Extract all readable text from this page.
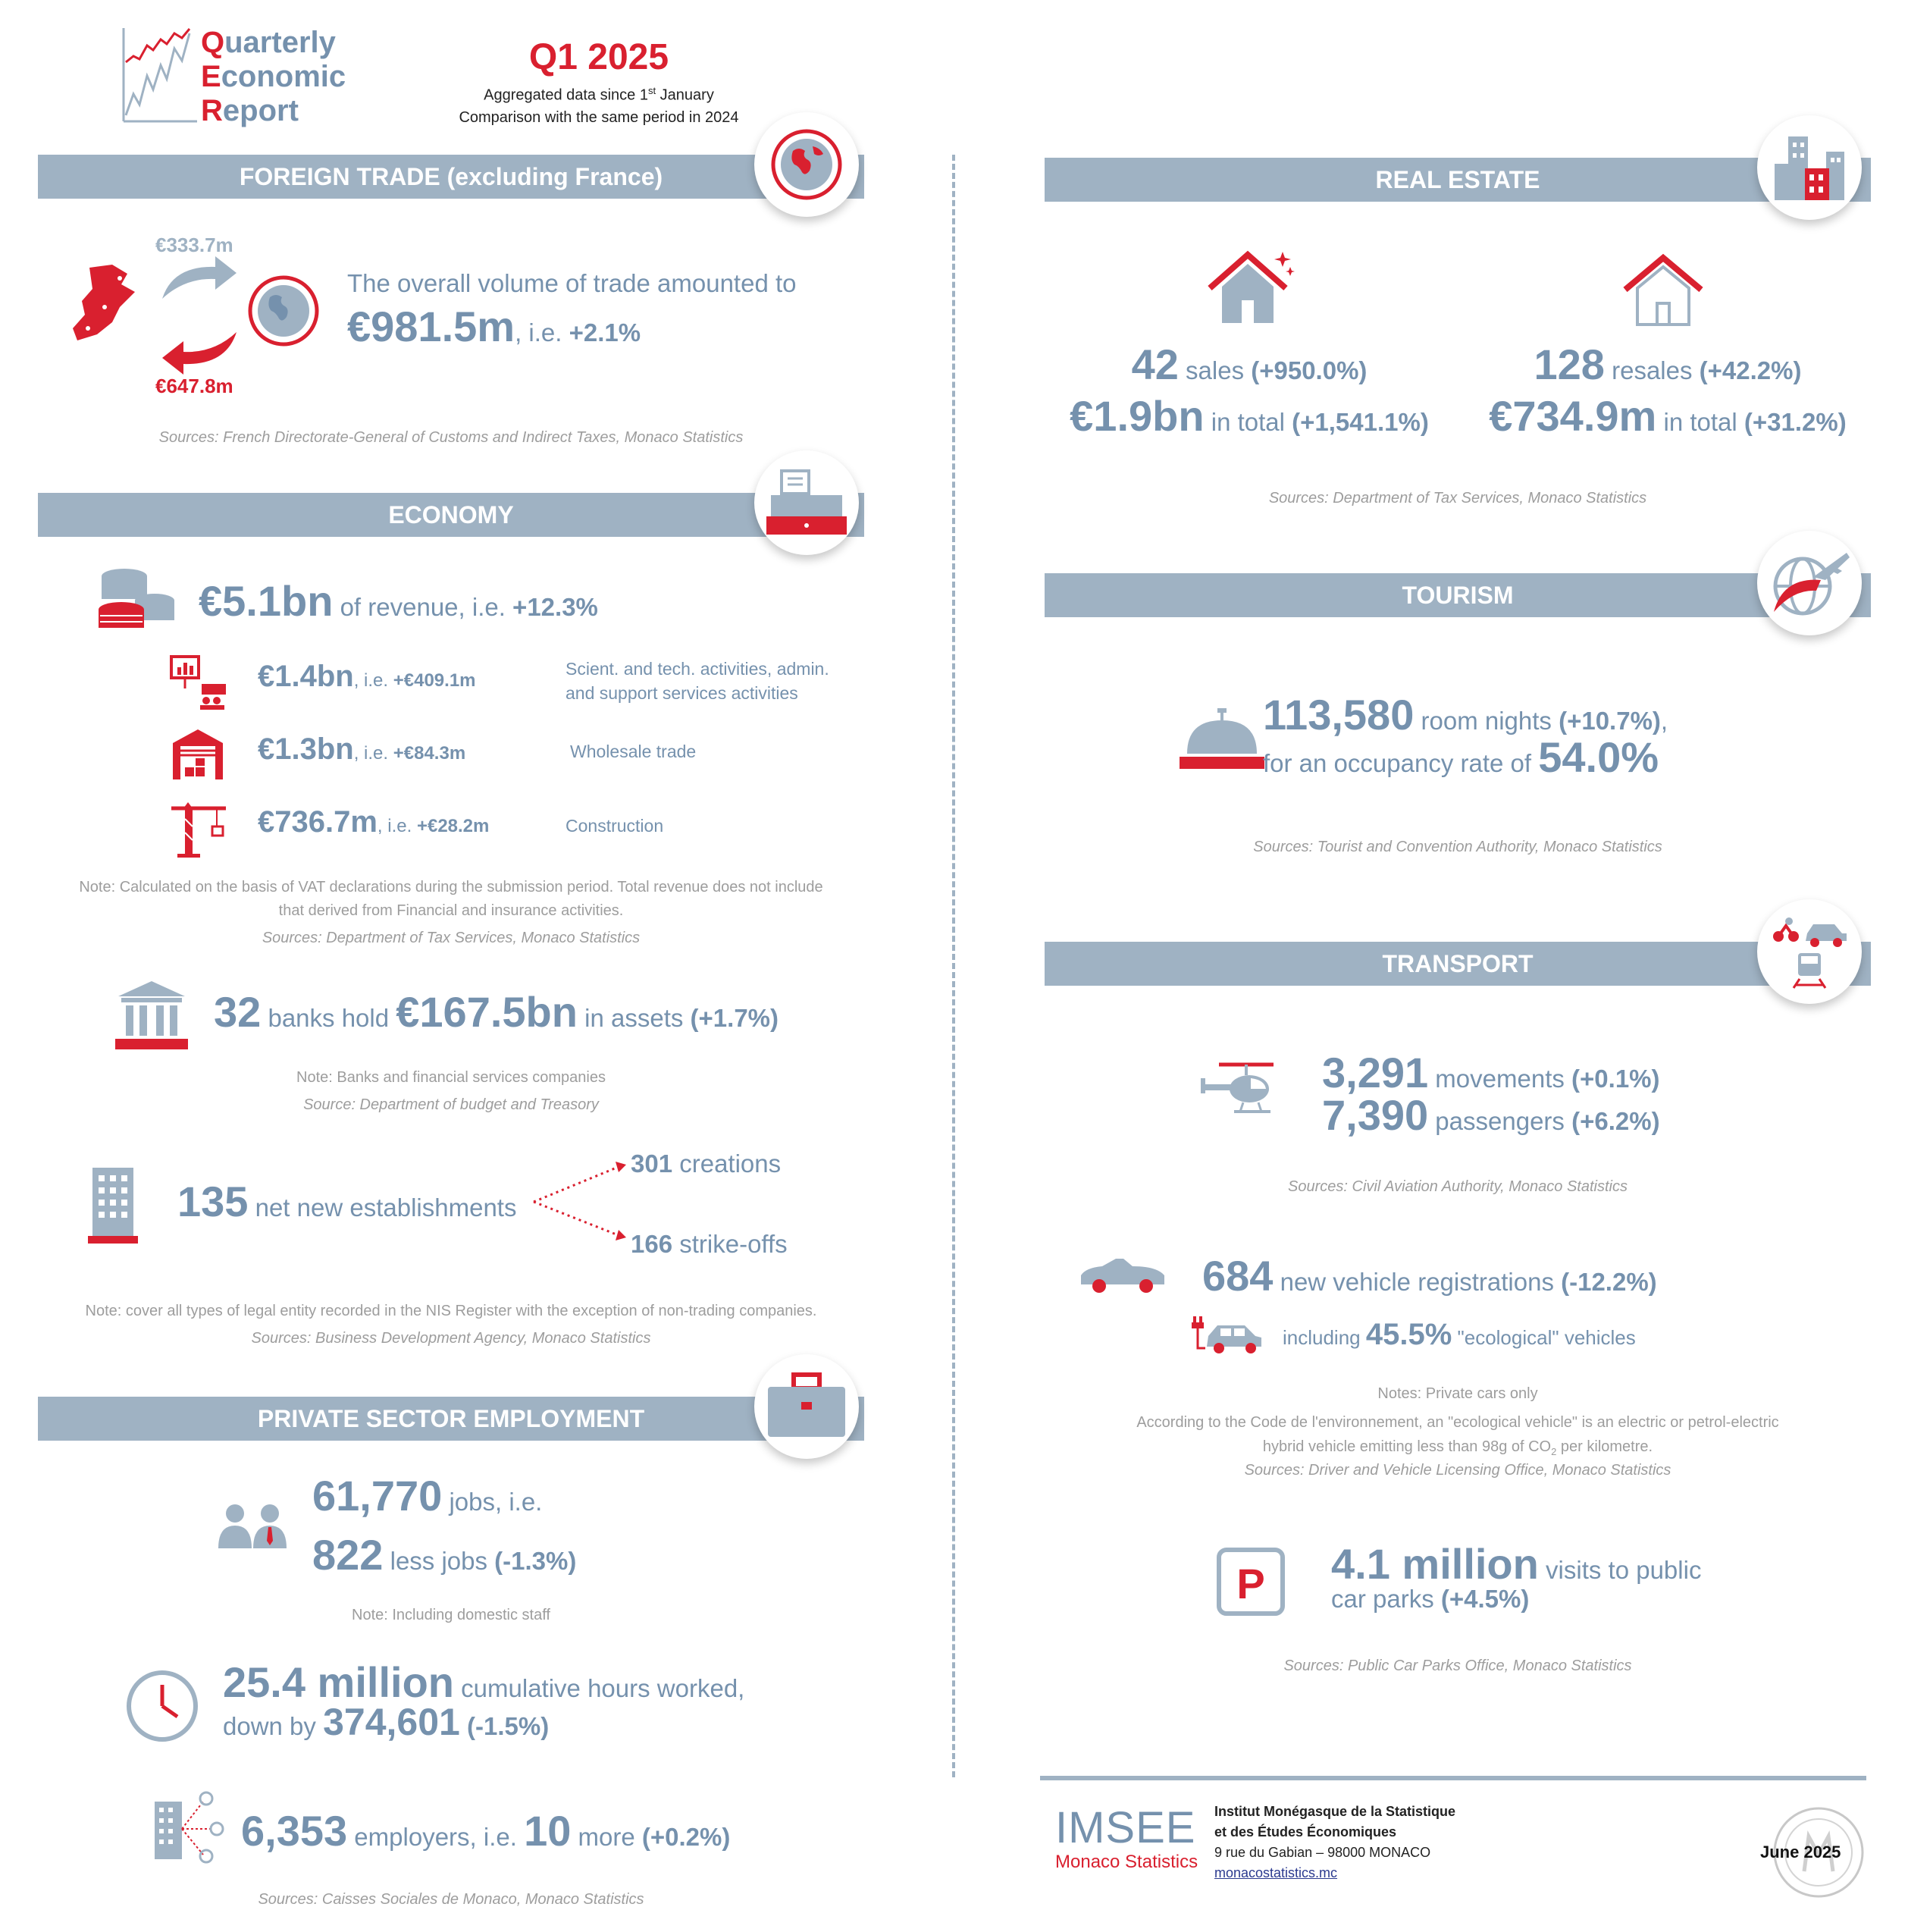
Quarterly
Economic
Report
Q1 2025
Aggregated data since 1st January
Comparison with the same period in 2024
FOREIGN TRADE (excluding France)
€333.7m
€647.8m
The overall volume of trade amounted to
€981.5m, i.e. +2.1%
Sources: French Directorate-General of Customs and Indirect Taxes, Monaco Statistics
ECONOMY
€5.1bn of revenue, i.e. +12.3%
€1.4bn, i.e. +€409.1m
Scient. and tech. activities, admin.
and support services activities
€1.3bn, i.e. +€84.3m	Wholesale trade
€736.7m, i.e. +€28.2m	Construction
Note: Calculated on the basis of VAT declarations during the submission period. Total revenue does not include
that derived from Financial and insurance activities.
Sources: Department of Tax Services, Monaco Statistics
32 banks hold €167.5bn in assets (+1.7%)
Note: Banks and financial services companies
Source: Department of budget and Treasory
135 net new establishments
301 creations
166 strike-offs
Note: cover all types of legal entity recorded in the NIS Register with the exception of non-trading companies.
Sources: Business Development Agency, Monaco Statistics
PRIVATE SECTOR EMPLOYMENT
61,770 jobs, i.e.
822 less jobs (-1.3%)
Note: Including domestic staff
25.4 million cumulative hours worked,
down by 374,601 (-1.5%)
6,353 employers, i.e. 10 more (+0.2%)
Sources: Caisses Sociales de Monaco, Monaco Statistics
REAL ESTATE
42 sales (+950.0%)
€1.9bn in total (+1,541.1%)
128 resales (+42.2%)
€734.9m in total (+31.2%)
Sources: Department of Tax Services, Monaco Statistics
TOURISM
113,580 room nights (+10.7%),
for an occupancy rate of 54.0%
Sources: Tourist and Convention Authority, Monaco Statistics
TRANSPORT
3,291 movements (+0.1%)
7,390 passengers (+6.2%)
Sources: Civil Aviation Authority, Monaco Statistics
684 new vehicle registrations (-12.2%)
including 45.5% "ecological" vehicles
Notes: Private cars only
According to the Code de l'environnement, an "ecological vehicle" is an electric or petrol-electric
hybrid vehicle emitting less than 98g of $CO_2$ per kilometre.
Sources: Driver and Vehicle Licensing Office, Monaco Statistics
P 4.1 million visits to public
car parks (+4.5%)
Sources: Public Car Parks Office, Monaco Statistics
IMSEE
Monaco Statistics
Institut Monégasque de la Statistique
et des Études Économiques
9 rue du Gabian – 98000 MONACO
monacostatistics.mc
June 2025
